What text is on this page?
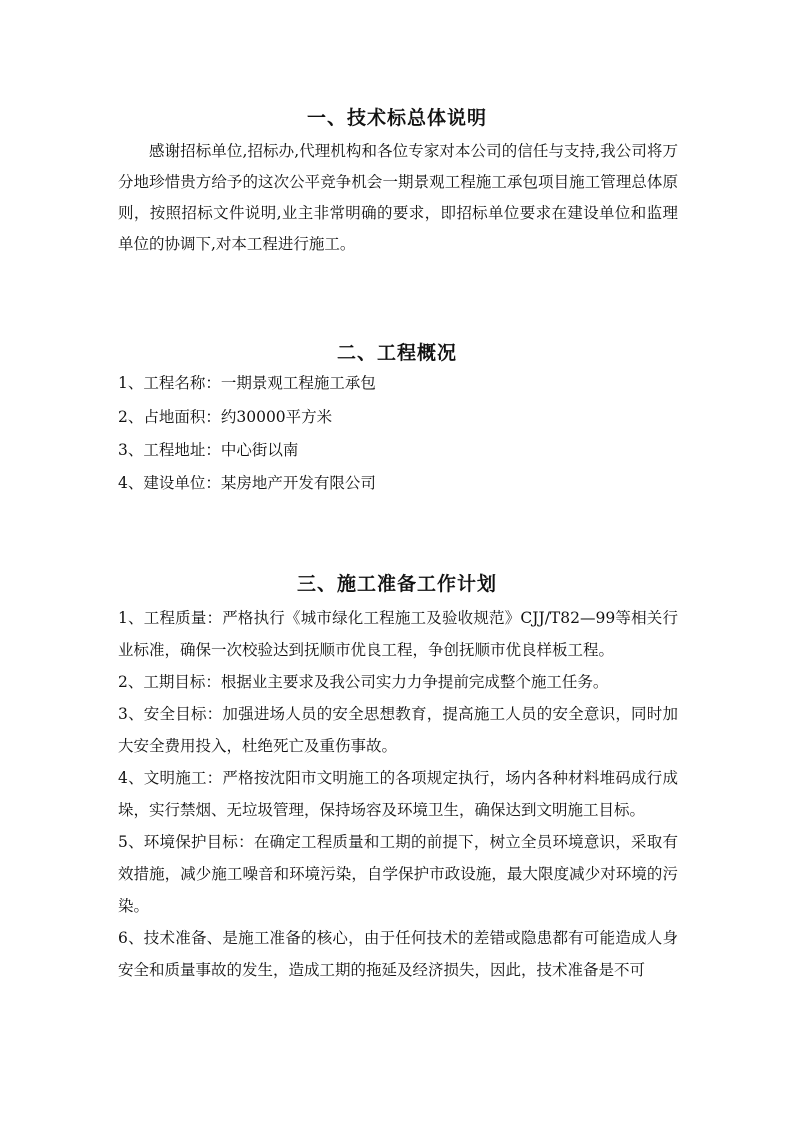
一、技术标总体说明
感谢招标单位,招标办,代理机构和各位专家对本公司的信任与支持,我公司将万分地珍惜贵方给予的这次公平竞争机会一期景观工程施工承包项目施工管理总体原则，按照招标文件说明,业主非常明确的要求，即招标单位要求在建设单位和监理单位的协调下,对本工程进行施工。
二、工程概况
1、工程名称：一期景观工程施工承包
2、占地面积：约30000平方米
3、工程地址：中心街以南
4、建设单位：某房地产开发有限公司
三、施工准备工作计划

1、工程质量：严格执行《城市绿化工程施工及验收规范》CJJ/T82—99等相关行业标准，确保一次校验达到抚顺市优良工程，争创抚顺市优良样板工程。

2、工期目标：根据业主要求及我公司实力力争提前完成整个施工任务。

3、安全目标：加强进场人员的安全思想教育，提高施工人员的安全意识，同时加大安全费用投入，杜绝死亡及重伤事故。

4、文明施工：严格按沈阳市文明施工的各项规定执行，场内各种材料堆码成行成垛，实行禁烟、无垃圾管理，保持场容及环境卫生，确保达到文明施工目标。

5、环境保护目标：在确定工程质量和工期的前提下，树立全员环境意识，采取有效措施，减少施工噪音和环境污染，自学保护市政设施，最大限度减少对环境的污染。

6、技术准备、是施工准备的核心，由于任何技术的差错或隐患都有可能造成人身安全和质量事故的发生，造成工期的拖延及经济损失，因此，技术准备是不可
